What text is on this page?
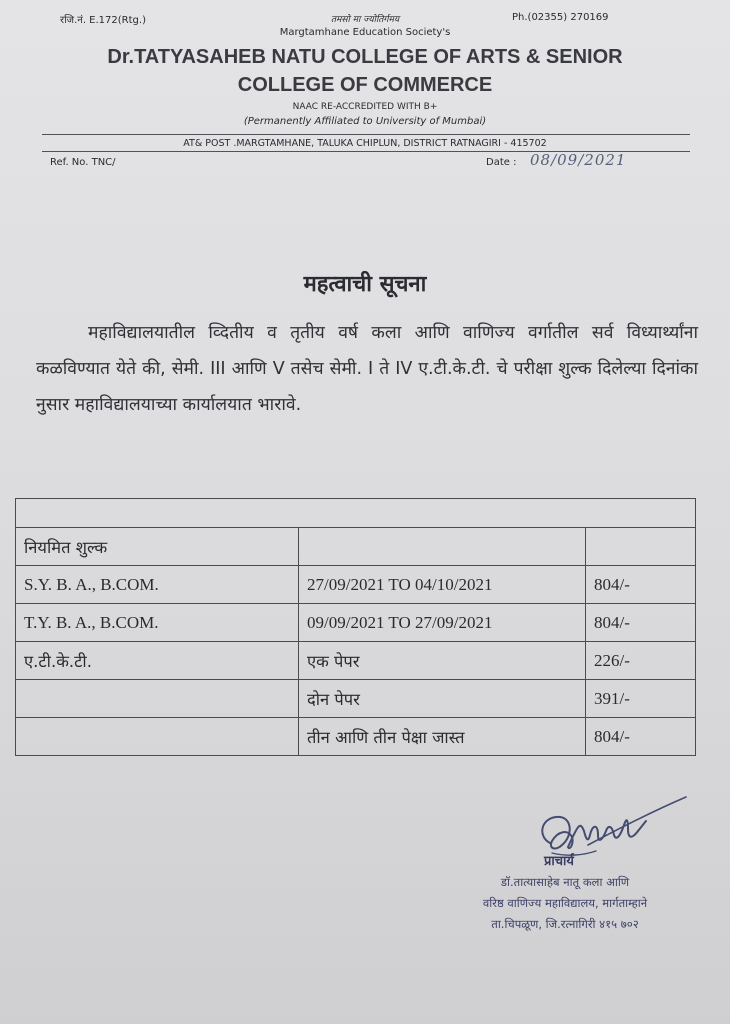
रजि.नं. E.172(Rtg.)	तमसो मा ज्योतिर्गमय	Ph.(02355) 270169
Margtamhane Education Society's
Dr.TATYASAHEB NATU COLLEGE OF ARTS & SENIOR
COLLEGE OF COMMERCE
NAAC RE-ACCREDITED WITH B+
(Permanently Affiliated to University of Mumbai)
AT& POST .MARGTAMHANE, TALUKA CHIPLUN, DISTRICT RATNAGIRI - 415702
Ref. No. TNC/	Date : 08/09/2021
महत्वाची सूचना
महाविद्यालयातील व्दितीय व तृतीय वर्ष कला आणि वाणिज्य वर्गातील सर्व विध्यार्थ्यांना कळविण्यात येते की, सेमी. III आणि V तसेच सेमी. I ते IV ए.टी.के.टी. चे परीक्षा शुल्क दिलेल्या दिनांका नुसार महाविद्यालयाच्या कार्यालयात भारावे.

नियमित शुल्क		
S.Y. B. A., B.COM.	27/09/2021 TO 04/10/2021	804/-
T.Y. B. A., B.COM.	09/09/2021 TO 27/09/2021	804/-
ए.टी.के.टी.	एक पेपर	226/-
	दोन पेपर	391/-
	तीन आणि तीन पेक्षा जास्त	804/-
प्राचार्य
डॉ.तात्यासाहेब नातू कला आणि
वरिष्ठ वाणिज्य महाविद्यालय, मार्गताम्हाने
ता.चिपळूण, जि.रत्नागिरी ४१५ ७०२
